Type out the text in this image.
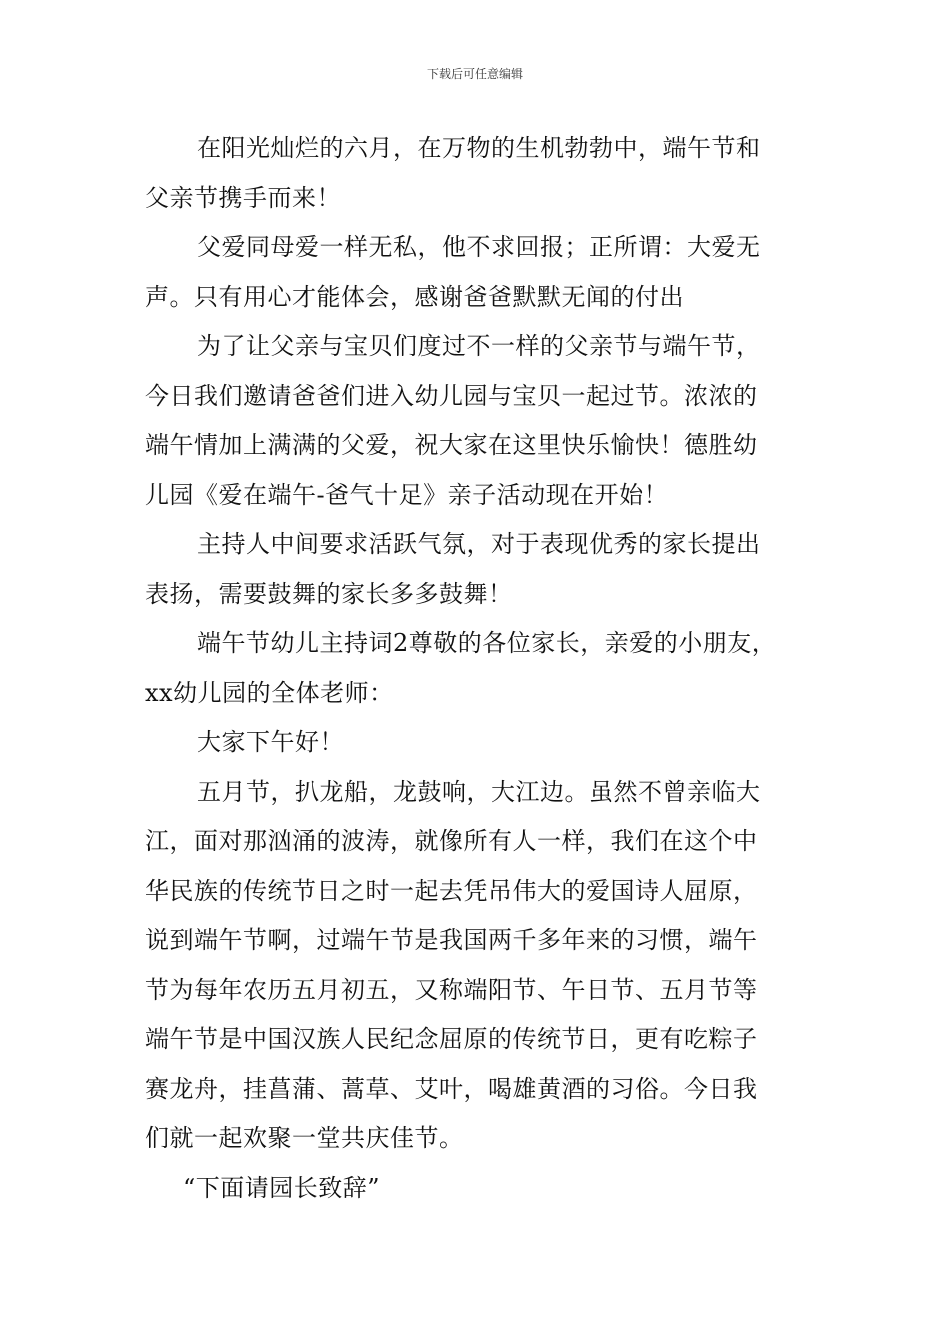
下载后可任意编辑
在阳光灿烂的六月，在万物的生机勃勃中，端午节和
父亲节携手而来！
父爱同母爱一样无私，他不求回报；正所谓：大爱无
声。只有用心才能体会，感谢爸爸默默无闻的付出
为了让父亲与宝贝们度过不一样的父亲节与端午节，
今日我们邀请爸爸们进入幼儿园与宝贝一起过节。浓浓的
端午情加上满满的父爱，祝大家在这里快乐愉快！德胜幼
儿园《爱在端午-爸气十足》亲子活动现在开始！
主持人中间要求活跃气氛，对于表现优秀的家长提出
表扬，需要鼓舞的家长多多鼓舞！
端午节幼儿主持词2尊敬的各位家长，亲爱的小朋友，
xx幼儿园的全体老师：
大家下午好！
五月节，扒龙船，龙鼓响，大江边。虽然不曾亲临大
江，面对那汹涌的波涛，就像所有人一样，我们在这个中
华民族的传统节日之时一起去凭吊伟大的爱国诗人屈原，
说到端午节啊，过端午节是我国两千多年来的习惯，端午
节为每年农历五月初五，又称端阳节、午日节、五月节等
端午节是中国汉族人民纪念屈原的传统节日，更有吃粽子
赛龙舟，挂菖蒲、蒿草、艾叶，喝雄黄酒的习俗。今日我
们就一起欢聚一堂共庆佳节。
“下面请园长致辞”
